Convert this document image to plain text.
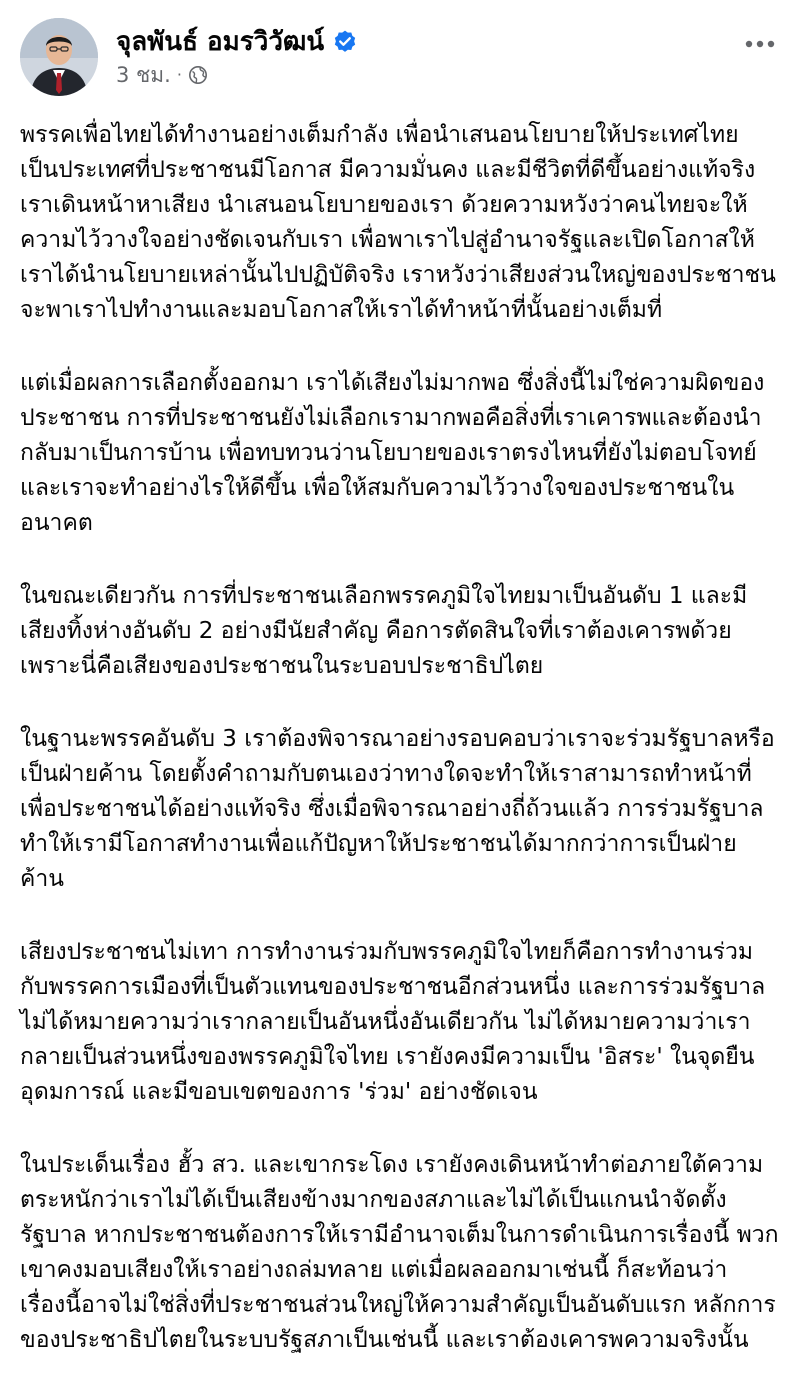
จุลพันธ์ อมรวิวัฒน์
3 ชม. ·

พรรคเพื่อไทยได้ทำงานอย่างเต็มกำลัง เพื่อนำเสนอนโยบายให้ประเทศไทย
เป็นประเทศที่ประชาชนมีโอกาส มีความมั่นคง และมีชีวิตที่ดีขึ้นอย่างแท้จริง
เราเดินหน้าหาเสียง นำเสนอนโยบายของเรา ด้วยความหวังว่าคนไทยจะให้
ความไว้วางใจอย่างชัดเจนกับเรา เพื่อพาเราไปสู่อำนาจรัฐและเปิดโอกาสให้
เราได้นำนโยบายเหล่านั้นไปปฏิบัติจริง เราหวังว่าเสียงส่วนใหญ่ของประชาชน
จะพาเราไปทำงานและมอบโอกาสให้เราได้ทำหน้าที่นั้นอย่างเต็มที่

แต่เมื่อผลการเลือกตั้งออกมา เราได้เสียงไม่มากพอ ซึ่งสิ่งนี้ไม่ใช่ความผิดของ
ประชาชน การที่ประชาชนยังไม่เลือกเรามากพอคือสิ่งที่เราเคารพและต้องนำ
กลับมาเป็นการบ้าน เพื่อทบทวนว่านโยบายของเราตรงไหนที่ยังไม่ตอบโจทย์
และเราจะทำอย่างไรให้ดีขึ้น เพื่อให้สมกับความไว้วางใจของประชาชนใน
อนาคต

ในขณะเดียวกัน การที่ประชาชนเลือกพรรคภูมิใจไทยมาเป็นอันดับ 1 และมี
เสียงทิ้งห่างอันดับ 2 อย่างมีนัยสำคัญ คือการตัดสินใจที่เราต้องเคารพด้วย
เพราะนี่คือเสียงของประชาชนในระบอบประชาธิปไตย

ในฐานะพรรคอันดับ 3 เราต้องพิจารณาอย่างรอบคอบว่าเราจะร่วมรัฐบาลหรือ
เป็นฝ่ายค้าน โดยตั้งคำถามกับตนเองว่าทางใดจะทำให้เราสามารถทำหน้าที่
เพื่อประชาชนได้อย่างแท้จริง ซึ่งเมื่อพิจารณาอย่างถี่ถ้วนแล้ว การร่วมรัฐบาล
ทำให้เรามีโอกาสทำงานเพื่อแก้ปัญหาให้ประชาชนได้มากกว่าการเป็นฝ่าย
ค้าน

เสียงประชาชนไม่เทา การทำงานร่วมกับพรรคภูมิใจไทยก็คือการทำงานร่วม
กับพรรคการเมืองที่เป็นตัวแทนของประชาชนอีกส่วนหนึ่ง และการร่วมรัฐบาล
ไม่ได้หมายความว่าเรากลายเป็นอันหนึ่งอันเดียวกัน ไม่ได้หมายความว่าเรา
กลายเป็นส่วนหนึ่งของพรรคภูมิใจไทย เรายังคงมีความเป็น 'อิสระ' ในจุดยืน
อุดมการณ์ และมีขอบเขตของการ 'ร่วม' อย่างชัดเจน

ในประเด็นเรื่อง ฮั้ว สว. และเขากระโดง เรายังคงเดินหน้าทำต่อภายใต้ความ
ตระหนักว่าเราไม่ได้เป็นเสียงข้างมากของสภาและไม่ได้เป็นแกนนำจัดตั้ง
รัฐบาล หากประชาชนต้องการให้เรามีอำนาจเต็มในการดำเนินการเรื่องนี้ พวก
เขาคงมอบเสียงให้เราอย่างถล่มทลาย แต่เมื่อผลออกมาเช่นนี้ ก็สะท้อนว่า
เรื่องนี้อาจไม่ใช่สิ่งที่ประชาชนส่วนใหญ่ให้ความสำคัญเป็นอันดับแรก หลักการ
ของประชาธิปไตยในระบบรัฐสภาเป็นเช่นนี้ และเราต้องเคารพความจริงนั้น
